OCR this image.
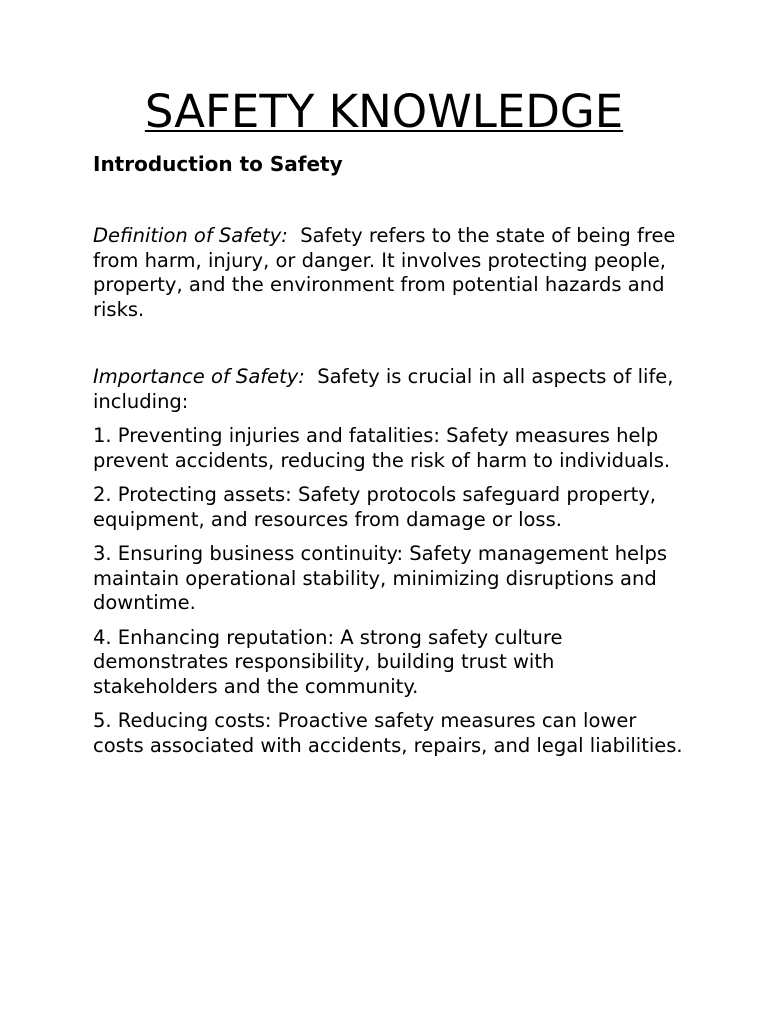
SAFETY KNOWLEDGE
Introduction to Safety

Definition of Safety: Safety refers to the state of being free from harm, injury, or danger. It involves protecting people, property, and the environment from potential hazards and risks.

Importance of Safety: Safety is crucial in all aspects of life, including:

1. Preventing injuries and fatalities: Safety measures help prevent accidents, reducing the risk of harm to individuals.
2. Protecting assets: Safety protocols safeguard property, equipment, and resources from damage or loss.
3. Ensuring business continuity: Safety management helps maintain operational stability, minimizing disruptions and downtime.
4. Enhancing reputation: A strong safety culture demonstrates responsibility, building trust with stakeholders and the community.
5. Reducing costs: Proactive safety measures can lower costs associated with accidents, repairs, and legal liabilities.
